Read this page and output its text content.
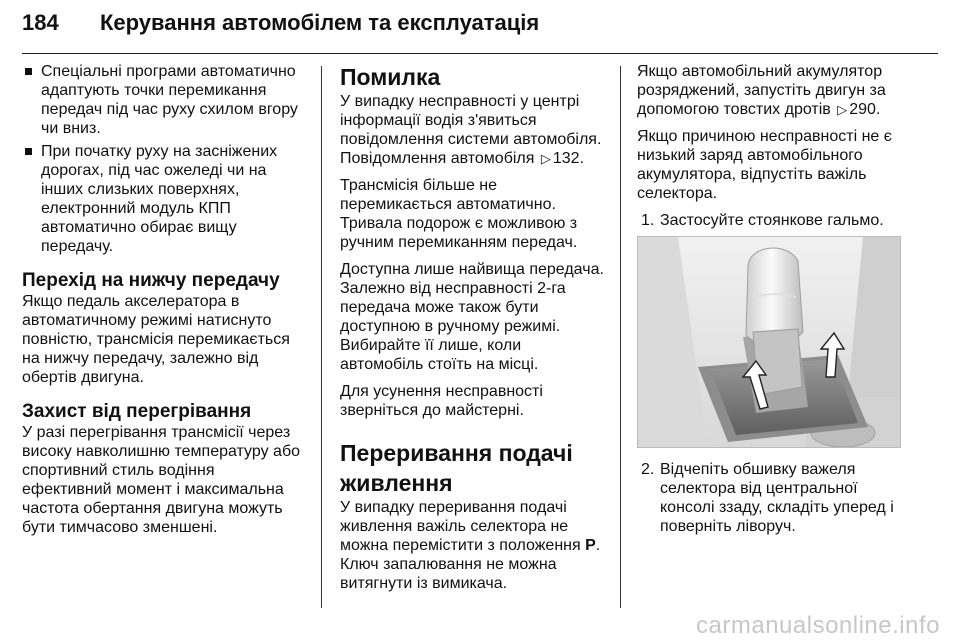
184 Керування автомобілем та експлуатація
Спеціальні програми автоматично адаптують точки перемикання передач під час руху схилом вгору чи вниз.
При початку руху на засніжених дорогах, під час ожеледі чи на інших слизьких поверхнях, електронний модуль КПП автоматично обирає вищу передачу.
Перехід на нижчу передачу

Якщо педаль акселератора в автоматичному режимі натиснуто повністю, трансмісія перемикається на нижчу передачу, залежно від обертів двигуна.

Захист від перегрівання

У разі перегрівання трансмісії через високу навколишню температуру або спортивний стиль водіння ефективний момент і максимальна частота обертання двигуна можуть бути тимчасово зменшені.

Помилка

У випадку несправності у центрі інформації водія з'явиться повідомлення системи автомобіля. Повідомлення автомобіля ▷ 132.

Трансмісія більше не перемикається автоматично. Тривала подорож є можливою з ручним перемиканням передач.

Доступна лише найвища передача. Залежно від несправності 2-га передача може також бути доступною в ручному режимі. Вибирайте її лише, коли автомобіль стоїть на місці.

Для усунення несправності зверніться до майстерні.

Переривання подачі живлення

У випадку переривання подачі живлення важіль селектора не можна перемістити з положення P. Ключ запалювання не можна витягнути із вимикача.

Якщо автомобільний акумулятор розряджений, запустіть двигун за допомогою товстих дротів ▷ 290.

Якщо причиною несправності не є низький заряд автомобільного акумулятора, відпустіть важіль селектора.

1. Застосуйте стоянкове гальмо.
2. Відчепіть обшивку важеля селектора від центральної консолі ззаду, складіть уперед і поверніть ліворуч.
carmanualsonline.info
